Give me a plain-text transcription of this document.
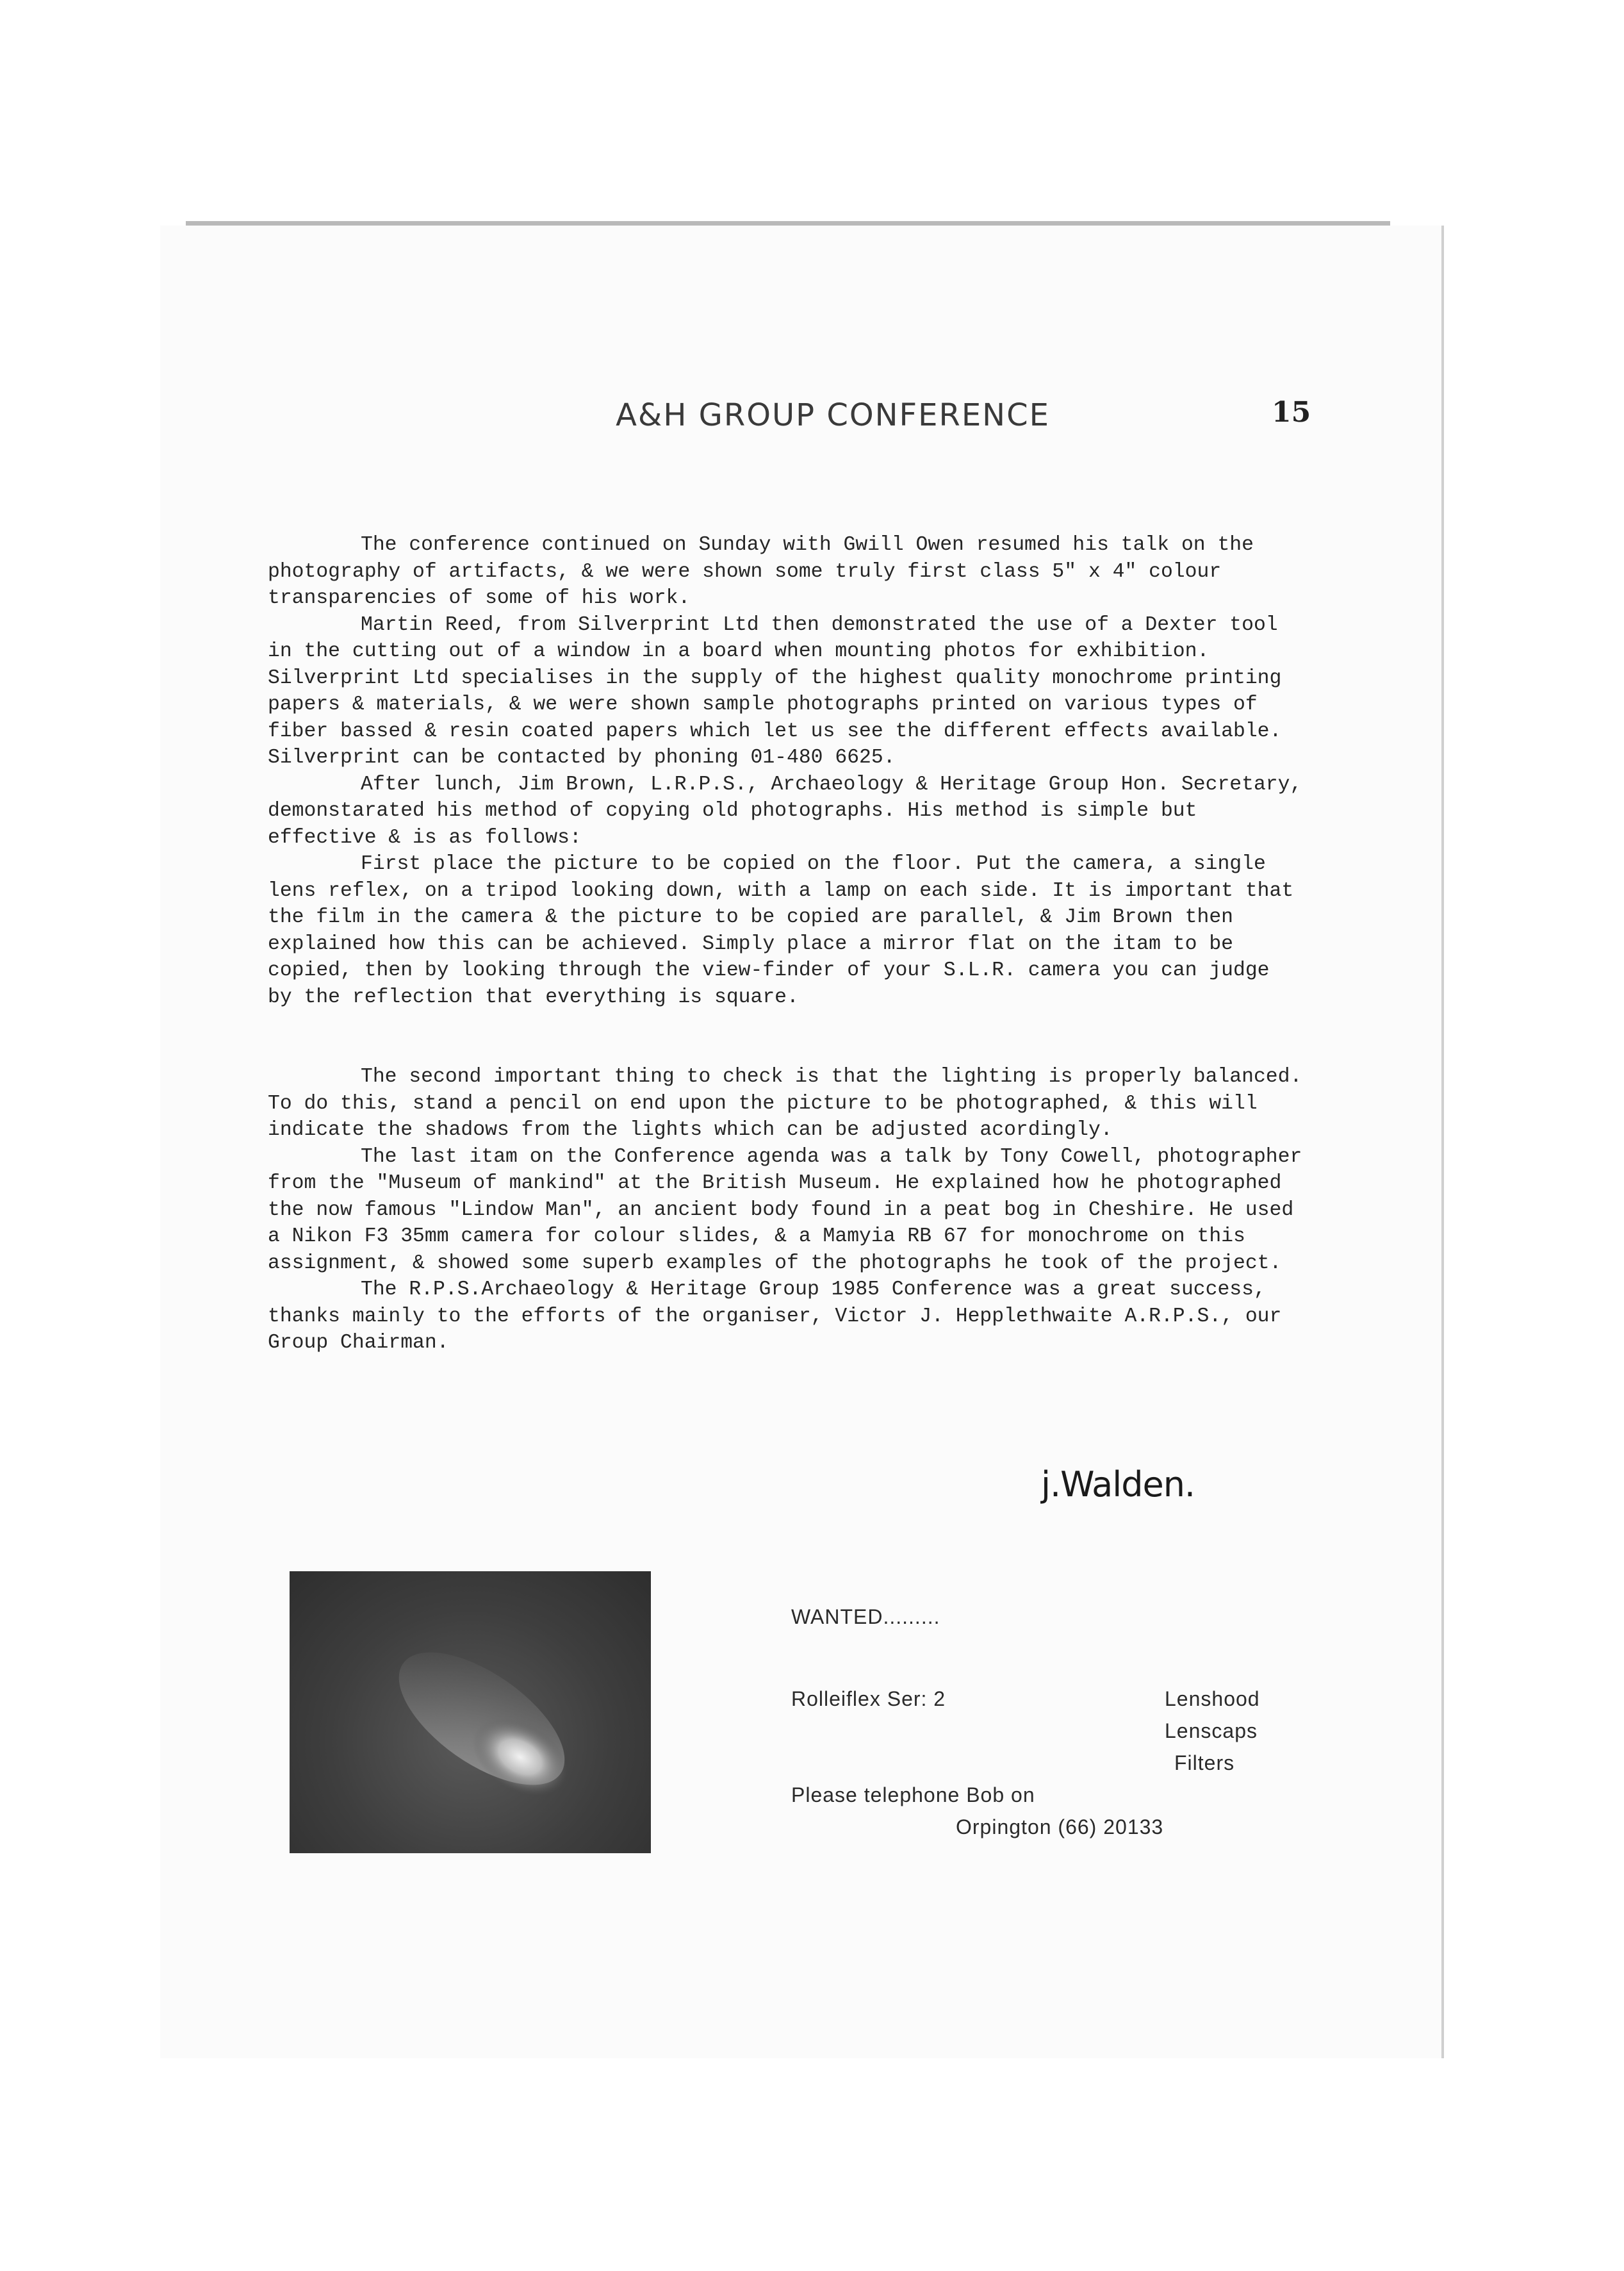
A&H GROUP CONFERENCE	15

The conference continued on Sunday with Gwill Owen resumed his talk on the photography of artifacts, & we were shown some truly first class 5" x 4" colour transparencies of some of his work.

Martin Reed, from Silverprint Ltd then demonstrated the use of a Dexter tool in the cutting out of a window in a board when mounting photos for exhibition. Silverprint Ltd specialises in the supply of the highest quality monochrome printing papers & materials, & we were shown sample photographs printed on various types of fiber bassed & resin coated papers which let us see the different effects available. Silverprint can be contacted by phoning 01-480 6625.

After lunch, Jim Brown, L.R.P.S., Archaeology & Heritage Group Hon. Secretary, demonstarated his method of copying old photographs. His method is simple but effective & is as follows:

First place the picture to be copied on the floor. Put the camera, a single lens reflex, on a tripod looking down, with a lamp on each side. It is important that the film in the camera & the picture to be copied are parallel, & Jim Brown then explained how this can be achieved. Simply place a mirror flat on the itam to be copied, then by looking through the view-finder of your S.L.R. camera you can judge by the reflection that everything is square.

The second important thing to check is that the lighting is properly balanced. To do this, stand a pencil on end upon the picture to be photographed, & this will indicate the shadows from the lights which can be adjusted acordingly.

The last itam on the Conference agenda was a talk by Tony Cowell, photographer from the "Museum of mankind" at the British Museum. He explained how he photographed the now famous "Lindow Man", an ancient body found in a peat bog in Cheshire. He used a Nikon F3 35mm camera for colour slides, & a Mamyia RB 67 for monochrome on this assignment, & showed some superb examples of the photographs he took of the project.

The R.P.S.Archaeology & Heritage Group 1985 Conference was a great success, thanks mainly to the efforts of the organiser, Victor J. Hepplethwaite A.R.P.S., our Group Chairman.

j.Walden.
WANTED.........
Rolleiflex Ser: 2	Lenshood
Lenscaps
Filters
Please telephone Bob on
Orpington (66) 20133
